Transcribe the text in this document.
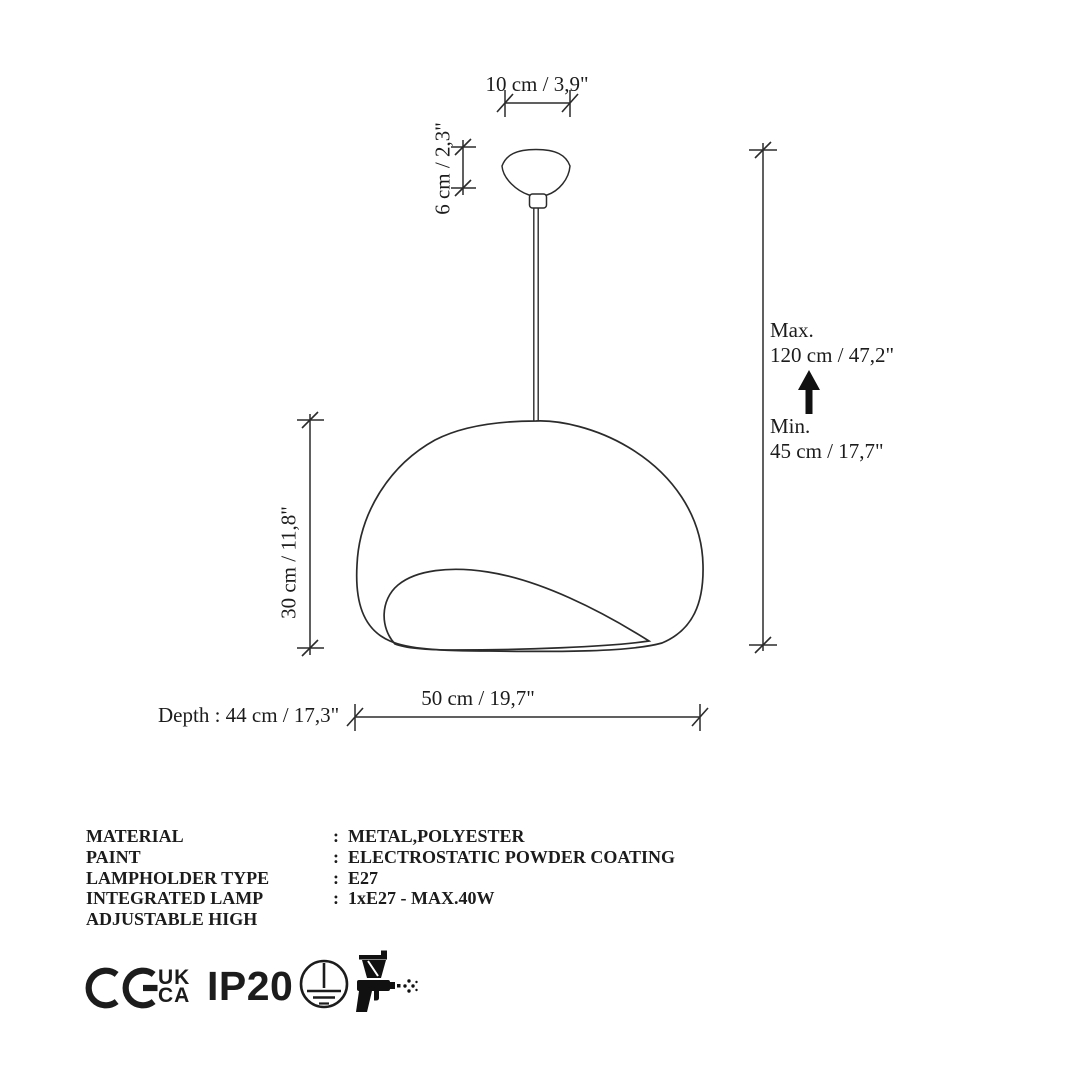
10 cm / 3,9"
6 cm / 2,3"
30 cm / 11,8"
Max.
120 cm / 47,2"
Min.
45 cm / 17,7"
50 cm / 19,7"
Depth : 44 cm / 17,3"
MATERIAL	: METAL,POLYESTER
PAINT	: ELECTROSTATIC POWDER COATING
LAMPHOLDER TYPE	: E27
INTEGRATED LAMP	: 1xE27 - MAX.40W
ADJUSTABLE HIGH
UK
CA IP20
